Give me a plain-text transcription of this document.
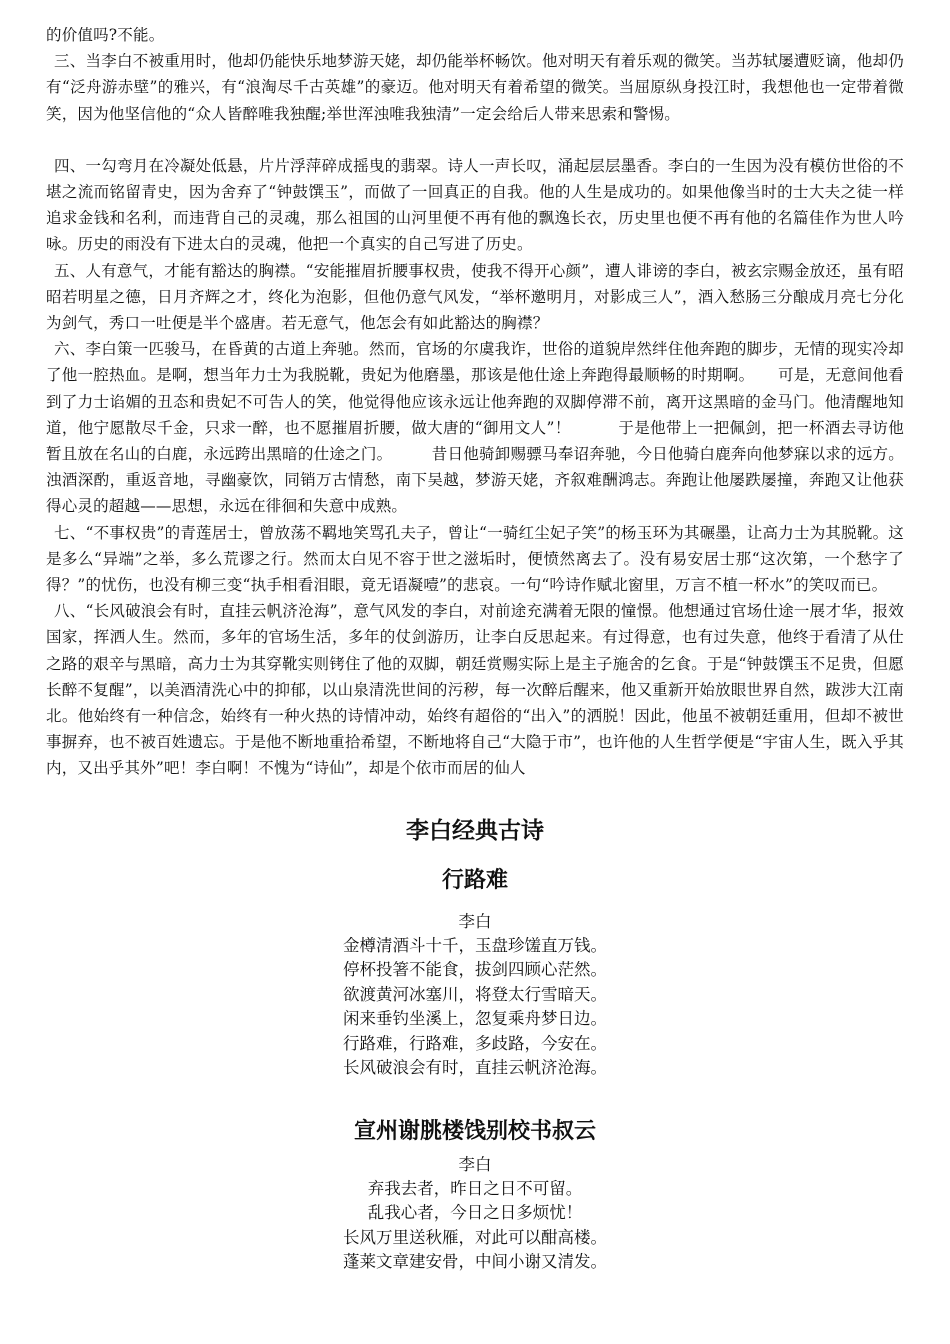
的价值吗?不能。

三、当李白不被重用时，他却仍能快乐地梦游天姥，却仍能举杯畅饮。他对明天有着乐观的微笑。当苏轼屡遭贬谪，他却仍有“泛舟游赤壁”的雅兴，有“浪淘尽千古英雄”的豪迈。他对明天有着希望的微笑。当屈原纵身投江时，我想他也一定带着微笑，因为他坚信他的“众人皆醉唯我独醒;举世浑浊唯我独清”一定会给后人带来思索和警惕。

四、一勾弯月在冷凝处低悬，片片浮萍碎成摇曳的翡翠。诗人一声长叹，涌起层层墨香。李白的一生因为没有模仿世俗的不堪之流而铭留青史，因为舍弃了“钟鼓馔玉”，而做了一回真正的自我。他的人生是成功的。如果他像当时的士大夫之徒一样追求金钱和名利，而违背自己的灵魂，那么祖国的山河里便不再有他的飘逸长衣，历史里也便不再有他的名篇佳作为世人吟咏。历史的雨没有下进太白的灵魂，他把一个真实的自己写进了历史。

五、人有意气，才能有豁达的胸襟。“安能摧眉折腰事权贵，使我不得开心颜”，遭人诽谤的李白，被玄宗赐金放还，虽有昭昭若明星之德，日月齐辉之才，终化为泡影，但他仍意气风发，“举杯邀明月，对影成三人”，酒入愁肠三分酿成月亮七分化为剑气，秀口一吐便是半个盛唐。若无意气，他怎会有如此豁达的胸襟？

六、李白策一匹骏马，在昏黄的古道上奔驰。然而，官场的尔虞我诈，世俗的道貌岸然绊住他奔跑的脚步，无情的现实冷却了他一腔热血。是啊，想当年力士为我脱靴，贵妃为他磨墨，那该是他仕途上奔跑得最顺畅的时期啊。　　可是，无意间他看到了力士谄媚的丑态和贵妃不可告人的笑，他觉得他应该永远让他奔跑的双脚停滞不前，离开这黑暗的金马门。他清醒地知道，他宁愿散尽千金，只求一醉，也不愿摧眉折腰，做大唐的“御用文人”！　　　于是他带上一把佩剑，把一杯酒去寻访他暂且放在名山的白鹿，永远跨出黑暗的仕途之门。　　　昔日他骑卸赐骠马奉诏奔驰，今日他骑白鹿奔向他梦寐以求的远方。浊酒深酌，重返音地，寻幽豪饮，同销万古情愁，南下吴越，梦游天姥，齐叙难酬鸿志。奔跑让他屡跌屡撞，奔跑又让他获得心灵的超越——思想，永远在徘徊和失意中成熟。

七、“不事权贵”的青莲居士，曾放荡不羁地笑骂孔夫子，曾让“一骑红尘妃子笑”的杨玉环为其碾墨，让高力士为其脱靴。这是多么“异端”之举，多么荒谬之行。然而太白见不容于世之滋垢时，便愤然离去了。没有易安居士那“这次第，一个愁字了得？”的忧伤，也没有柳三变“执手相看泪眼，竟无语凝噎”的悲哀。一句“吟诗作赋北窗里，万言不植一杯水”的笑叹而已。

八、“长风破浪会有时，直挂云帆济沧海”，意气风发的李白，对前途充满着无限的憧憬。他想通过官场仕途一展才华，报效国家，挥洒人生。然而，多年的官场生活，多年的仗剑游历，让李白反思起来。有过得意，也有过失意，他终于看清了从仕之路的艰辛与黑暗，高力士为其穿靴实则铐住了他的双脚，朝廷赏赐实际上是主子施舍的乞食。于是“钟鼓馔玉不足贵，但愿长醉不复醒”，以美酒清洗心中的抑郁，以山泉清洗世间的污秽，每一次醉后醒来，他又重新开始放眼世界自然，跋涉大江南北。他始终有一种信念，始终有一种火热的诗情冲动，始终有超俗的“出入”的洒脱！因此，他虽不被朝廷重用，但却不被世事摒弃，也不被百姓遗忘。于是他不断地重拾希望，不断地将自己“大隐于市”，也许他的人生哲学便是“宇宙人生，既入乎其内，又出乎其外”吧！李白啊！不愧为“诗仙”，却是个依市而居的仙人

李白经典古诗
行路难

李白

金樽清酒斗十千，玉盘珍馐直万钱。
停杯投箸不能食，拔剑四顾心茫然。
欲渡黄河冰塞川，将登太行雪暗天。
闲来垂钓坐溪上，忽复乘舟梦日边。
行路难，行路难，多歧路，今安在。
长风破浪会有时，直挂云帆济沧海。
宣州谢朓楼饯别校书叔云

李白

弃我去者，昨日之日不可留。
乱我心者，今日之日多烦忧！
长风万里送秋雁，对此可以酣高楼。
蓬莱文章建安骨，中间小谢又清发。
